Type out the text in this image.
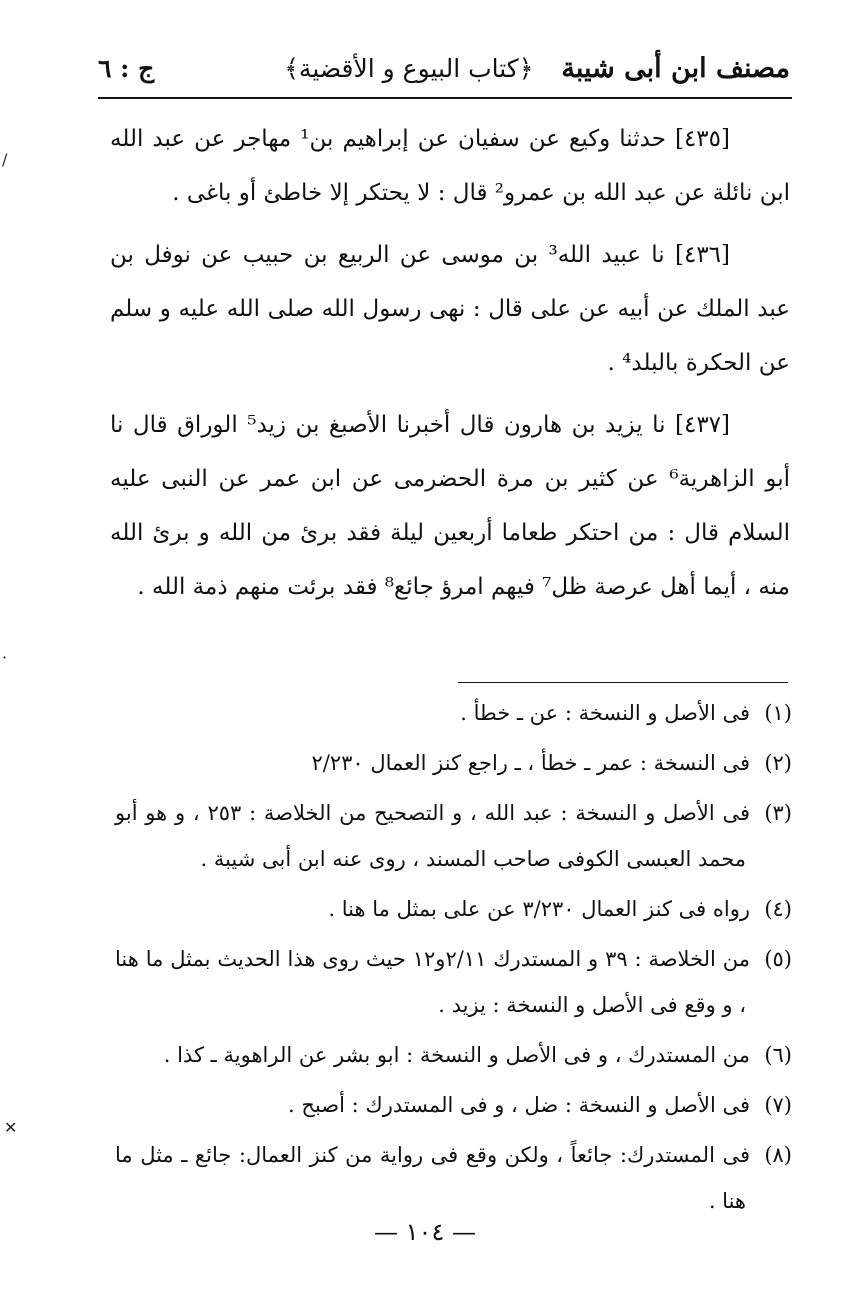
مصنف ابن أبى شيبة
﴿كتاب البيوع و الأقضية﴾
ج : ٦

[٤٣٥] حدثنا وكيع عن سفيان عن إبراهيم بن¹ مهاجر عن عبد الله ابن نائلة عن عبد الله بن عمرو² قال : لا يحتكر إلا خاطئ أو باغى .

[٤٣٦] نا عبيد الله³ بن موسى عن الربيع بن حبيب عن نوفل بن عبد الملك عن أبيه عن على قال : نهى رسول الله صلى الله عليه و سلم عن الحكرة بالبلد⁴ .

[٤٣٧] نا يزيد بن هارون قال أخبرنا الأصبغ بن زيد⁵ الوراق قال نا أبو الزاهرية⁶ عن كثير بن مرة الحضرمى عن ابن عمر عن النبى عليه السلام قال : من احتكر طعاما أربعين ليلة فقد برئ من الله و برئ الله منه ، أيما أهل عرصة ظل⁷ فيهم امرؤ جائع⁸ فقد برئت منهم ذمة الله .

(١)فى الأصل و النسخة : عن ـ خطأ .

(٢)فى النسخة : عمر ـ خطأ ، ـ راجع كنز العمال ٢/٢٣٠

(٣)فى الأصل و النسخة : عبد الله ، و التصحيح من الخلاصة : ٢٥٣ ، و هو أبو محمد العبسى الكوفى صاحب المسند ، روى عنه ابن أبى شيبة .

(٤)رواه فى كنز العمال ٣/٢٣٠ عن على بمثل ما هنا .

(٥)من الخلاصة : ٣٩ و المستدرك ٢/١١و١٢ حيث روى هذا الحديث بمثل ما هنا ، و وقع فى الأصل و النسخة : يزيد .

(٦)من المستدرك ، و فى الأصل و النسخة : ابو بشر عن الراهوية ـ كذا .

(٧)فى الأصل و النسخة : ضل ، و فى المستدرك : أصبح .

(٨)فى المستدرك: جائعاً ، ولكن وقع فى رواية من كنز العمال: جائع ـ مثل ما هنا .

— ١٠٤ —
/
·
✕
